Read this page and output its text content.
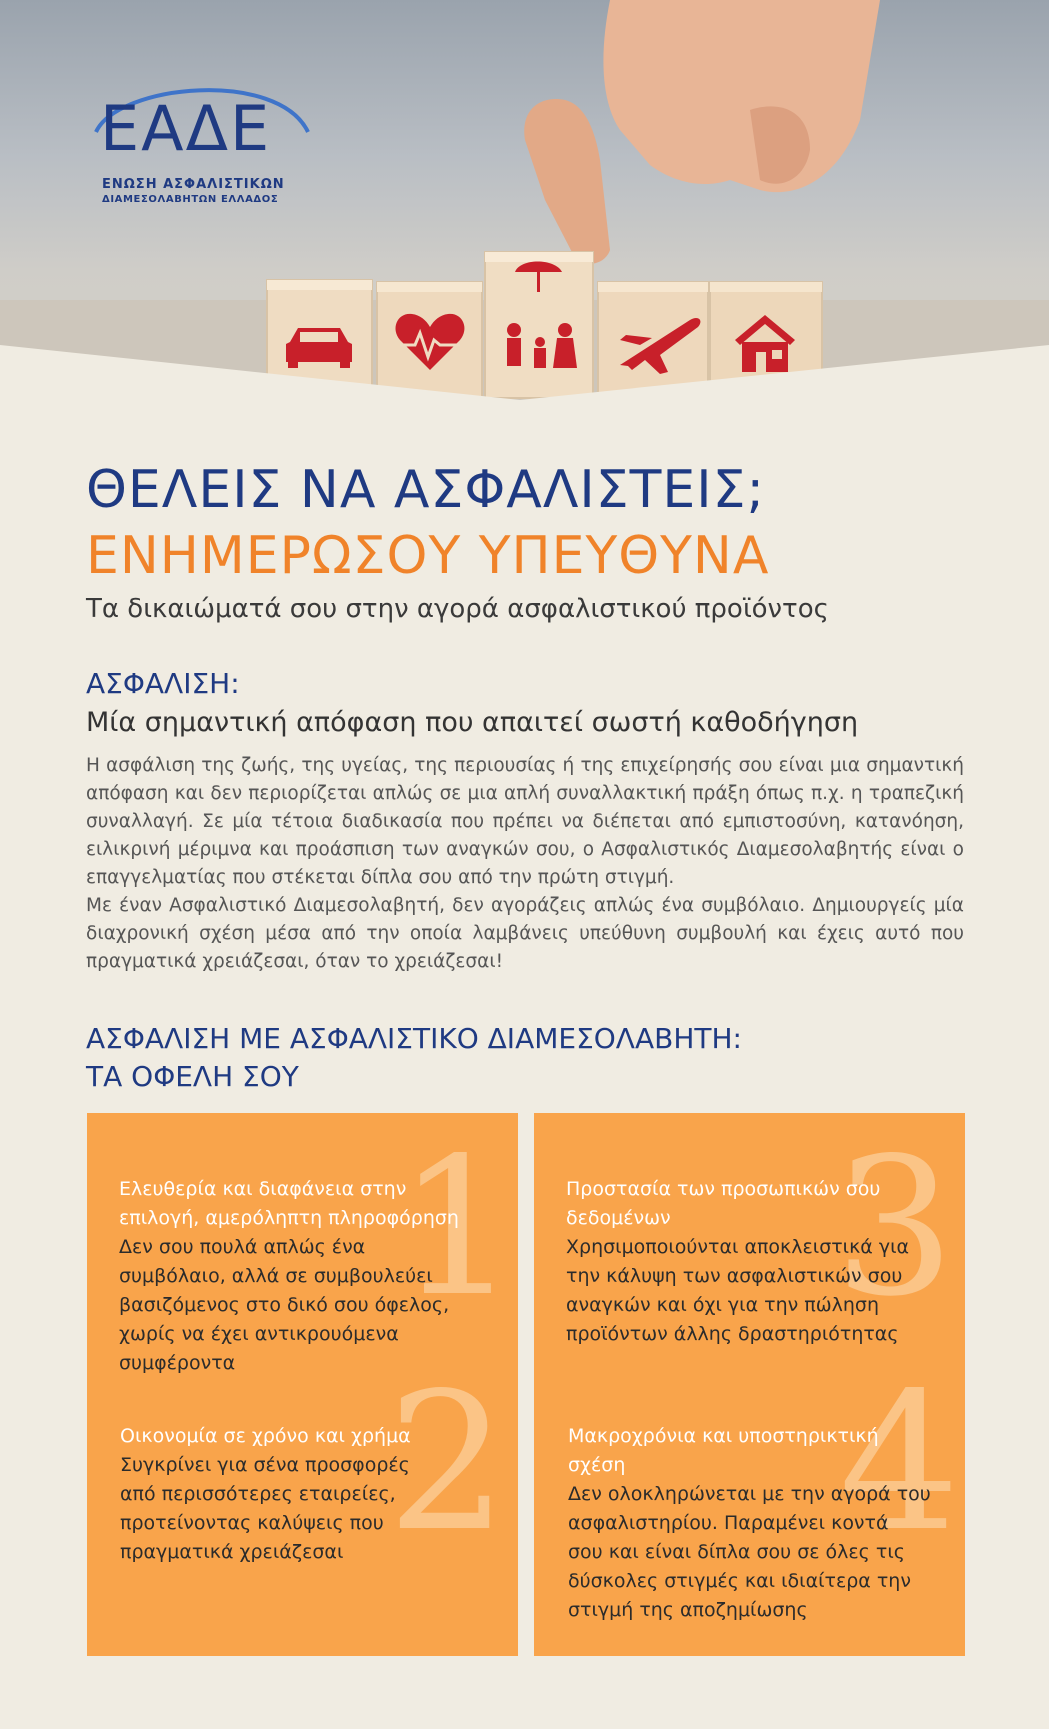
ΕΑΔΕ
ΕΝΩΣΗ ΑΣΦΑΛΙΣΤΙΚΩΝ
ΔΙΑΜΕΣΟΛΑΒΗΤΩΝ ΕΛΛΑΔΟΣ
ΘΕΛΕΙΣ ΝΑ ΑΣΦΑΛΙΣΤΕΙΣ;
ΕΝΗΜΕΡΩΣΟΥ ΥΠΕΥΘΥΝΑ
Τα δικαιώματά σου στην αγορά ασφαλιστικού προϊόντος
ΑΣΦΑΛΙΣΗ:
Μία σημαντική απόφαση που απαιτεί σωστή καθοδήγηση

Η ασφάλιση της ζωής, της υγείας, της περιουσίας ή της επιχείρησής σου είναι μια σημαντική απόφαση και δεν περιορίζεται απλώς σε μια απλή συναλλακτική πράξη όπως π.χ. η τραπεζική συναλλαγή. Σε μία τέτοια διαδικασία που πρέπει να διέπεται από εμπιστοσύνη, κατανόηση, ειλικρινή μέριμνα και προάσπιση των αναγκών σου, ο Ασφαλιστικός Διαμεσολαβητής είναι ο επαγγελματίας που στέκεται δίπλα σου από την πρώτη στιγμή.

Με έναν Ασφαλιστικό Διαμεσολαβητή, δεν αγοράζεις απλώς ένα συμβόλαιο. Δημιουργείς μία διαχρονική σχέση μέσα από την οποία λαμβάνεις υπεύθυνη συμβουλή και έχεις αυτό που πραγματικά χρειάζεσαι, όταν το χρειάζεσαι!

ΑΣΦΑΛΙΣΗ ΜΕ ΑΣΦΑΛΙΣΤΙΚΟ ΔΙΑΜΕΣΟΛΑΒΗΤΗ:
ΤΑ ΟΦΕΛΗ ΣΟΥ
1
Ελευθερία και διαφάνεια στην
επιλογή, αμερόληπτη πληροφόρηση
Δεν σου πουλά απλώς ένα
συμβόλαιο, αλλά σε συμβουλεύει
βασιζόμενος στο δικό σου όφελος,
χωρίς να έχει αντικρουόμενα
συμφέροντα 2
Οικονομία σε χρόνο και χρήμα
Συγκρίνει για σένα προσφορές
από περισσότερες εταιρείες,
προτείνοντας καλύψεις που
πραγματικά χρειάζεσαι
3
Προστασία των προσωπικών σου
δεδομένων
Χρησιμοποιούνται αποκλειστικά για
την κάλυψη των ασφαλιστικών σου
αναγκών και όχι για την πώληση
προϊόντων άλλης δραστηριότητας
4
Μακροχρόνια και υποστηρικτική
σχέση
Δεν ολοκληρώνεται με την αγορά του
ασφαλιστηρίου. Παραμένει κοντά
σου και είναι δίπλα σου σε όλες τις
δύσκολες στιγμές και ιδιαίτερα την
στιγμή της αποζημίωσης
